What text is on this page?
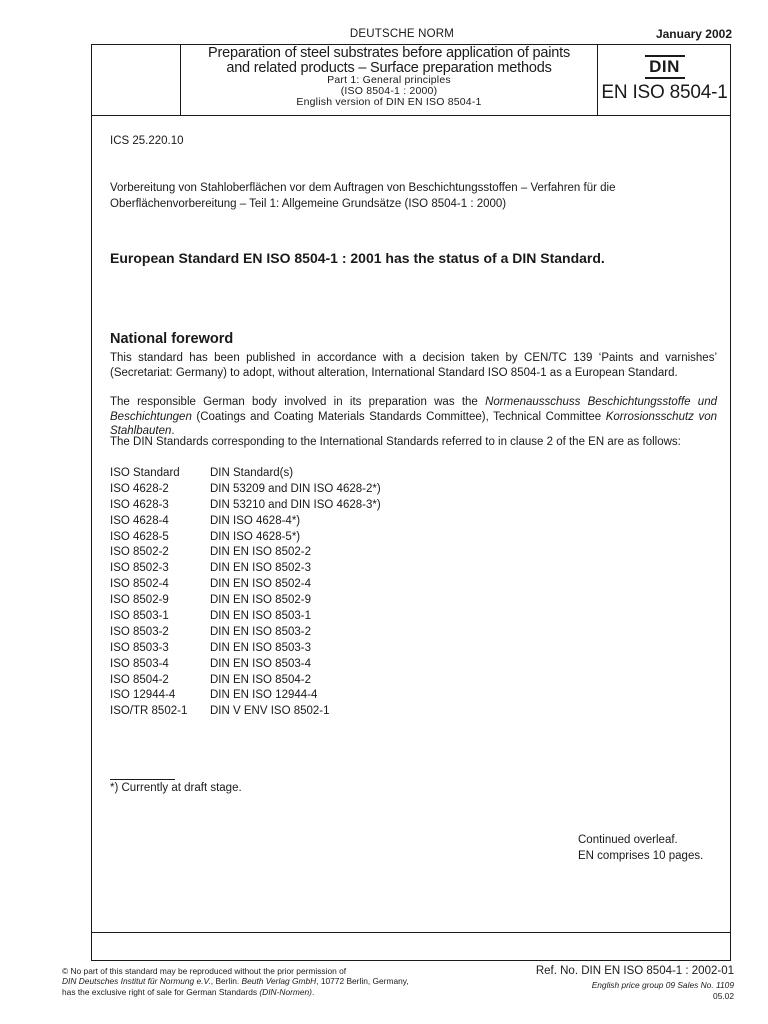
DEUTSCHE NORM	January 2002
Preparation of steel substrates before application of paints
and related products – Surface preparation methods
Part 1: General principles
(ISO 8504-1 : 2000)
English version of DIN EN ISO 8504-1
DIN
EN ISO 8504-1
ICS 25.220.10
Vorbereitung von Stahloberflächen vor dem Auftragen von Beschichtungsstoffen – Verfahren für die Oberflächenvorbereitung – Teil 1: Allgemeine Grundsätze (ISO 8504-1 : 2000)
European Standard EN ISO 8504-1 : 2001 has the status of a DIN Standard.
National foreword
This standard has been published in accordance with a decision taken by CEN/TC 139 ‘Paints and varnishes’ (Secretariat: Germany) to adopt, without alteration, International Standard ISO 8504-1 as a European Standard.
The responsible German body involved in its preparation was the Normenausschuss Beschichtungsstoffe und Beschichtungen (Coatings and Coating Materials Standards Committee), Technical Committee Korrosionsschutz von Stahlbauten.
The DIN Standards corresponding to the International Standards referred to in clause 2 of the EN are as follows:
ISO Standard	DIN Standard(s)
ISO 4628-2	DIN 53209 and DIN ISO 4628-2*)
ISO 4628-3	DIN 53210 and DIN ISO 4628-3*)
ISO 4628-4	DIN ISO 4628-4*)
ISO 4628-5	DIN ISO 4628-5*)
ISO 8502-2	DIN EN ISO 8502-2
ISO 8502-3	DIN EN ISO 8502-3
ISO 8502-4	DIN EN ISO 8502-4
ISO 8502-9	DIN EN ISO 8502-9
ISO 8503-1	DIN EN ISO 8503-1
ISO 8503-2	DIN EN ISO 8503-2
ISO 8503-3	DIN EN ISO 8503-3
ISO 8503-4	DIN EN ISO 8503-4
ISO 8504-2	DIN EN ISO 8504-2
ISO 12944-4	DIN EN ISO 12944-4
ISO/TR 8502-1	DIN V ENV ISO 8502-1
*) Currently at draft stage.
Continued overleaf.
EN comprises 10 pages.
© No part of this standard may be reproduced without the prior permission of
DIN Deutsches Institut für Normung e.V., Berlin. Beuth Verlag GmbH, 10772 Berlin, Germany,
has the exclusive right of sale for German Standards (DIN-Normen).
Ref. No. DIN EN ISO 8504-1 : 2002-01
English price group 09 Sales No. 1109
05.02
